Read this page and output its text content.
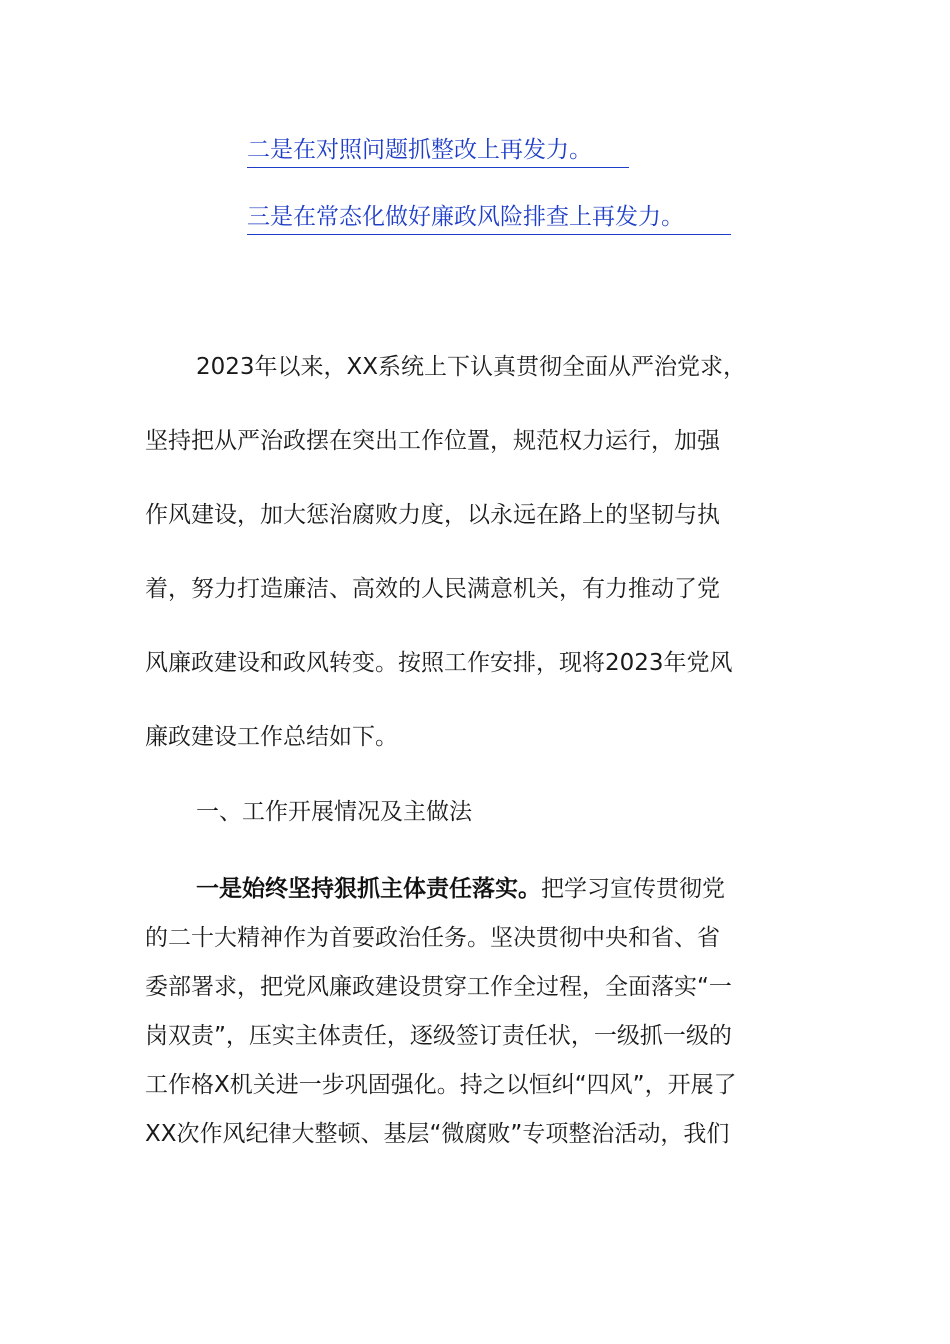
二是在对照问题抓整改上再发力。
三是在常态化做好廉政风险排查上再发力。

2023年以来，XX系统上下认真贯彻全面从严治党求，
坚持把从严治政摆在突出工作位置，规范权力运行，加强
作风建设，加大惩治腐败力度，以永远在路上的坚韧与执
着，努力打造廉洁、高效的人民满意机关，有力推动了党
风廉政建设和政风转变。按照工作安排，现将2023年党风
廉政建设工作总结如下。

一、工作开展情况及主做法

一是始终坚持狠抓主体责任落实。把学习宣传贯彻党
的二十大精神作为首要政治任务。坚决贯彻中央和省、省
委部署求，把党风廉政建设贯穿工作全过程，全面落实“一
岗双责”，压实主体责任，逐级签订责任状，一级抓一级的
工作格X机关进一步巩固强化。持之以恒纠“四风”，开展了
XX次作风纪律大整顿、基层“微腐败”专项整治活动，我们
